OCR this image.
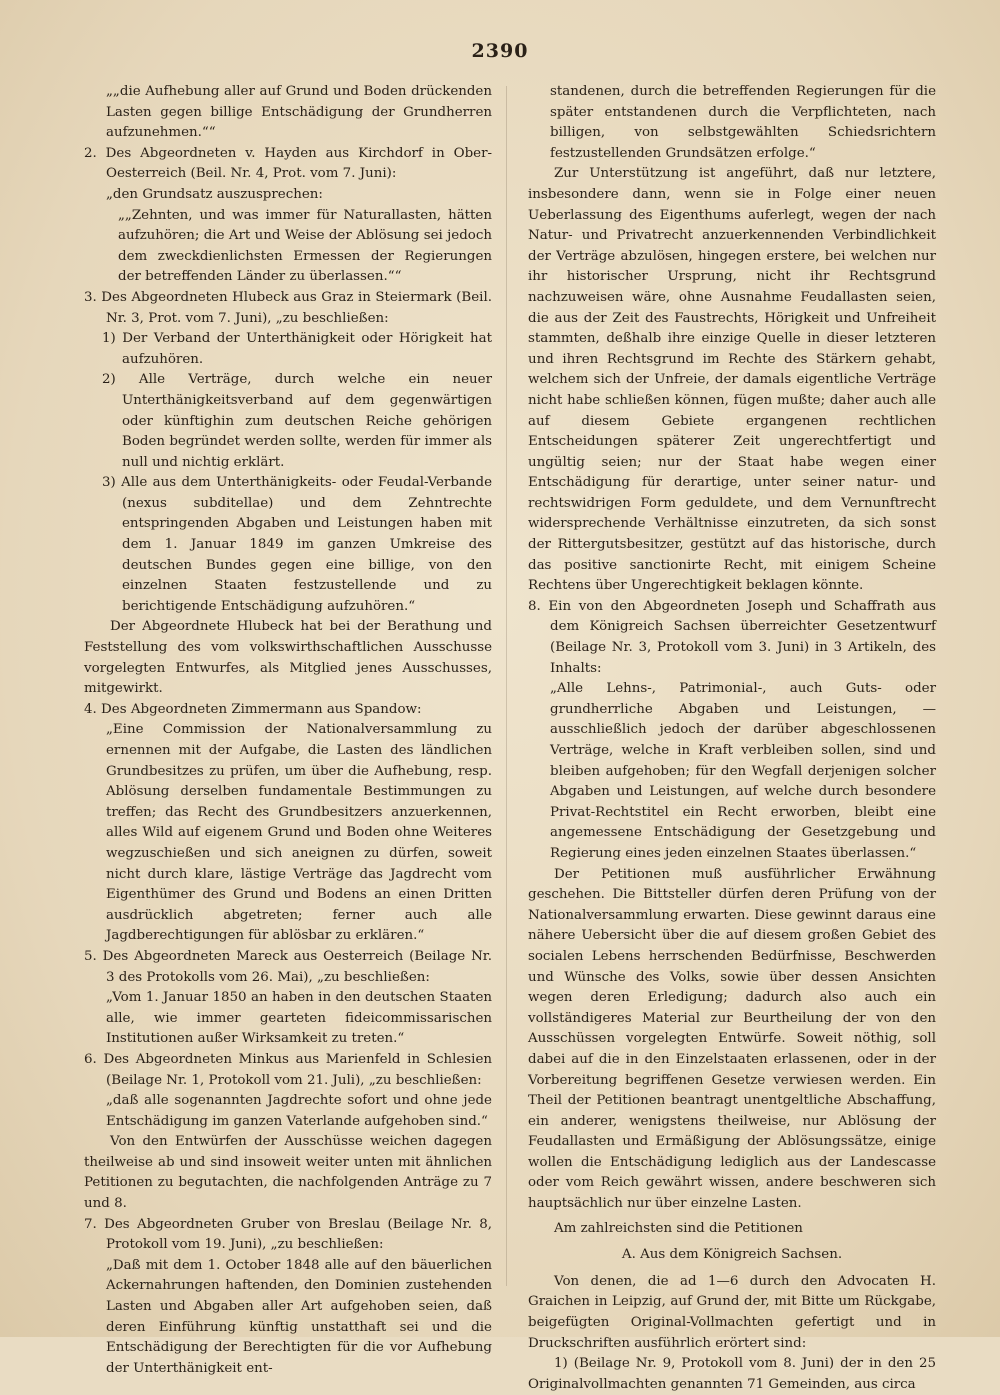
2390

„„die Aufhebung aller auf Grund und Boden drückenden Lasten gegen billige Entschädigung der Grundherren aufzunehmen.““

2. Des Abgeordneten v. Hayden aus Kirchdorf in Ober-Oesterreich (Beil. Nr. 4, Prot. vom 7. Juni):

„den Grundsatz auszusprechen:

„„Zehnten, und was immer für Naturallasten, hätten aufzuhören; die Art und Weise der Ablösung sei jedoch dem zweckdienlichsten Ermessen der Regierungen der betreffenden Länder zu überlassen.““

3. Des Abgeordneten Hlubeck aus Graz in Steiermark (Beil. Nr. 3, Prot. vom 7. Juni), „zu beschließen:

1) Der Verband der Unterthänigkeit oder Hörigkeit hat aufzuhören.

2) Alle Verträge, durch welche ein neuer Unterthänigkeitsverband auf dem gegenwärtigen oder künftighin zum deutschen Reiche gehörigen Boden begründet werden sollte, werden für immer als null und nichtig erklärt.

3) Alle aus dem Unterthänigkeits- oder Feudal-Verbande (nexus subditellae) und dem Zehntrechte entspringenden Abgaben und Leistungen haben mit dem 1. Januar 1849 im ganzen Umkreise des deutschen Bundes gegen eine billige, von den einzelnen Staaten festzustellende und zu berichtigende Entschädigung aufzuhören.“

Der Abgeordnete Hlubeck hat bei der Berathung und Feststellung des vom volkswirthschaftlichen Ausschusse vorgelegten Entwurfes, als Mitglied jenes Ausschusses, mitgewirkt.

4. Des Abgeordneten Zimmermann aus Spandow:

„Eine Commission der Nationalversammlung zu ernennen mit der Aufgabe, die Lasten des ländlichen Grundbesitzes zu prüfen, um über die Aufhebung, resp. Ablösung derselben fundamentale Bestimmungen zu treffen; das Recht des Grundbesitzers anzuerkennen, alles Wild auf eigenem Grund und Boden ohne Weiteres wegzuschießen und sich aneignen zu dürfen, soweit nicht durch klare, lästige Verträge das Jagdrecht vom Eigenthümer des Grund und Bodens an einen Dritten ausdrücklich abgetreten; ferner auch alle Jagdberechtigungen für ablösbar zu erklären.“

5. Des Abgeordneten Mareck aus Oesterreich (Beilage Nr. 3 des Protokolls vom 26. Mai), „zu beschließen:

„Vom 1. Januar 1850 an haben in den deutschen Staaten alle, wie immer gearteten fideicommissarischen Institutionen außer Wirksamkeit zu treten.“

6. Des Abgeordneten Minkus aus Marienfeld in Schlesien (Beilage Nr. 1, Protokoll vom 21. Juli), „zu beschließen:

„daß alle sogenannten Jagdrechte sofort und ohne jede Entschädigung im ganzen Vaterlande aufgehoben sind.“

Von den Entwürfen der Ausschüsse weichen dagegen theilweise ab und sind insoweit weiter unten mit ähnlichen Petitionen zu begutachten, die nachfolgenden Anträge zu 7 und 8.

7. Des Abgeordneten Gruber von Breslau (Beilage Nr. 8, Protokoll vom 19. Juni), „zu beschließen:

„Daß mit dem 1. October 1848 alle auf den bäuerlichen Ackernahrungen haftenden, den Dominien zustehenden Lasten und Abgaben aller Art aufgehoben seien, daß deren Einführung künftig unstatthaft sei und die Entschädigung der Berechtigten für die vor Aufhebung der Unterthänigkeit ent-

standenen, durch die betreffenden Regierungen für die später entstandenen durch die Verpflichteten, nach billigen, von selbstgewählten Schiedsrichtern festzustellenden Grundsätzen erfolge.“

Zur Unterstützung ist angeführt, daß nur letztere, insbesondere dann, wenn sie in Folge einer neuen Ueberlassung des Eigenthums auferlegt, wegen der nach Natur- und Privatrecht anzuerkennenden Verbindlichkeit der Verträge abzulösen, hingegen erstere, bei welchen nur ihr historischer Ursprung, nicht ihr Rechtsgrund nachzuweisen wäre, ohne Ausnahme Feudallasten seien, die aus der Zeit des Faustrechts, Hörigkeit und Unfreiheit stammten, deßhalb ihre einzige Quelle in dieser letzteren und ihren Rechtsgrund im Rechte des Stärkern gehabt, welchem sich der Unfreie, der damals eigentliche Verträge nicht habe schließen können, fügen mußte; daher auch alle auf diesem Gebiete ergangenen rechtlichen Entscheidungen späterer Zeit ungerechtfertigt und ungültig seien; nur der Staat habe wegen einer Entschädigung für derartige, unter seiner natur- und rechtswidrigen Form geduldete, und dem Vernunftrecht widersprechende Verhältnisse einzutreten, da sich sonst der Rittergutsbesitzer, gestützt auf das historische, durch das positive sanctionirte Recht, mit einigem Scheine Rechtens über Ungerechtigkeit beklagen könnte.

8. Ein von den Abgeordneten Joseph und Schaffrath aus dem Königreich Sachsen überreichter Gesetzentwurf (Beilage Nr. 3, Protokoll vom 3. Juni) in 3 Artikeln, des Inhalts:

„Alle Lehns-, Patrimonial-, auch Guts- oder grundherrliche Abgaben und Leistungen, — ausschließlich jedoch der darüber abgeschlossenen Verträge, welche in Kraft verbleiben sollen, sind und bleiben aufgehoben; für den Wegfall derjenigen solcher Abgaben und Leistungen, auf welche durch besondere Privat-Rechtstitel ein Recht erworben, bleibt eine angemessene Entschädigung der Gesetzgebung und Regierung eines jeden einzelnen Staates überlassen.“

Der Petitionen muß ausführlicher Erwähnung geschehen. Die Bittsteller dürfen deren Prüfung von der Nationalversammlung erwarten. Diese gewinnt daraus eine nähere Uebersicht über die auf diesem großen Gebiet des socialen Lebens herrschenden Bedürfnisse, Beschwerden und Wünsche des Volks, sowie über dessen Ansichten wegen deren Erledigung; dadurch also auch ein vollständigeres Material zur Beurtheilung der von den Ausschüssen vorgelegten Entwürfe. Soweit nöthig, soll dabei auf die in den Einzelstaaten erlassenen, oder in der Vorbereitung begriffenen Gesetze verwiesen werden. Ein Theil der Petitionen beantragt unentgeltliche Abschaffung, ein anderer, wenigstens theilweise, nur Ablösung der Feudallasten und Ermäßigung der Ablösungssätze, einige wollen die Entschädigung lediglich aus der Landescasse oder vom Reich gewährt wissen, andere beschweren sich hauptsächlich nur über einzelne Lasten.

Am zahlreichsten sind die Petitionen

A. Aus dem Königreich Sachsen.

Von denen, die ad 1—6 durch den Advocaten H. Graichen in Leipzig, auf Grund der, mit Bitte um Rückgabe, beigefügten Original-Vollmachten gefertigt und in Druckschriften ausführlich erörtert sind:

1) (Beilage Nr. 9, Protokoll vom 8. Juni) der in den 25 Originalvollmachten genannten 71 Gemeinden, aus circa
